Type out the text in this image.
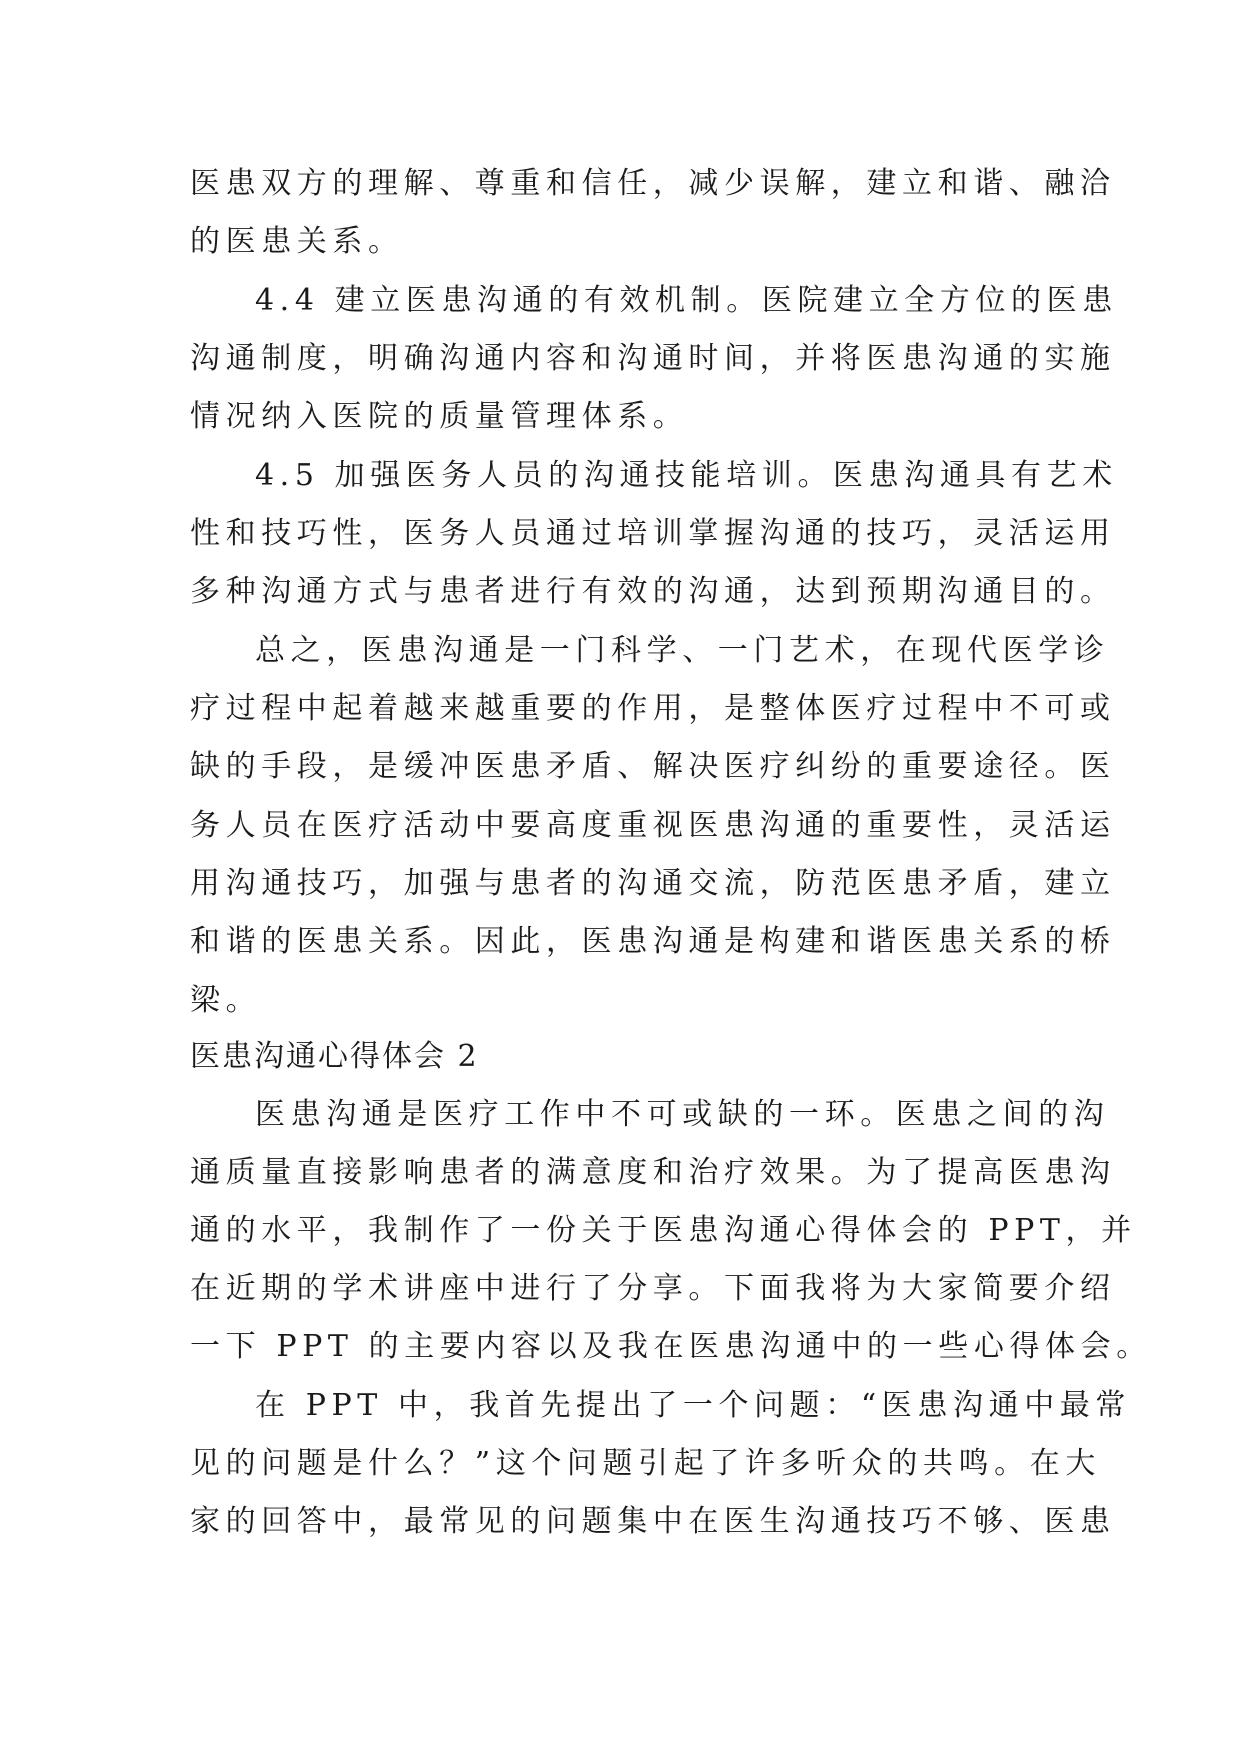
医患双方的理解、尊重和信任，减少误解，建立和谐、融洽
的医患关系。
4.4 建立医患沟通的有效机制。医院建立全方位的医患
沟通制度，明确沟通内容和沟通时间，并将医患沟通的实施
情况纳入医院的质量管理体系。
4.5 加强医务人员的沟通技能培训。医患沟通具有艺术
性和技巧性，医务人员通过培训掌握沟通的技巧，灵活运用
多种沟通方式与患者进行有效的沟通，达到预期沟通目的。
总之，医患沟通是一门科学、一门艺术，在现代医学诊
疗过程中起着越来越重要的作用，是整体医疗过程中不可或
缺的手段，是缓冲医患矛盾、解决医疗纠纷的重要途径。医
务人员在医疗活动中要高度重视医患沟通的重要性，灵活运
用沟通技巧，加强与患者的沟通交流，防范医患矛盾，建立
和谐的医患关系。因此，医患沟通是构建和谐医患关系的桥
梁。
医患沟通心得体会 2
医患沟通是医疗工作中不可或缺的一环。医患之间的沟
通质量直接影响患者的满意度和治疗效果。为了提高医患沟
通的水平，我制作了一份关于医患沟通心得体会的 PPT，并
在近期的学术讲座中进行了分享。下面我将为大家简要介绍
一下 PPT 的主要内容以及我在医患沟通中的一些心得体会。
在 PPT 中，我首先提出了一个问题：“医患沟通中最常
见的问题是什么？”这个问题引起了许多听众的共鸣。在大
家的回答中，最常见的问题集中在医生沟通技巧不够、医患
